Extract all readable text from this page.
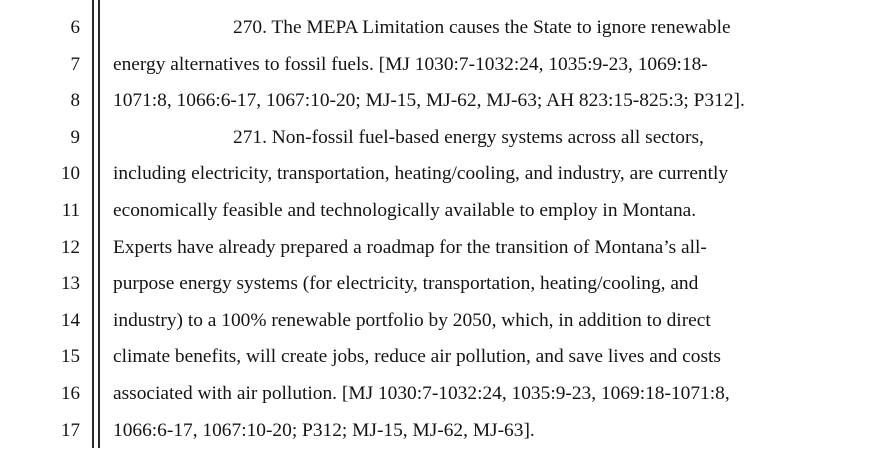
6
7
8
9
10
11
12
13
14
15
16
17
270. The MEPA Limitation causes the State to ignore renewable
energy alternatives to fossil fuels. [MJ 1030:7-1032:24, 1035:9-23, 1069:18-
1071:8, 1066:6-17, 1067:10-20; MJ-15, MJ-62, MJ-63; AH 823:15-825:3; P312].
271. Non-fossil fuel-based energy systems across all sectors,
including electricity, transportation, heating/cooling, and industry, are currently
economically feasible and technologically available to employ in Montana.
Experts have already prepared a roadmap for the transition of Montana’s all-
purpose energy systems (for electricity, transportation, heating/cooling, and
industry) to a 100% renewable portfolio by 2050, which, in addition to direct
climate benefits, will create jobs, reduce air pollution, and save lives and costs
associated with air pollution. [MJ 1030:7-1032:24, 1035:9-23, 1069:18-1071:8,
1066:6-17, 1067:10-20; P312; MJ-15, MJ-62, MJ-63].
